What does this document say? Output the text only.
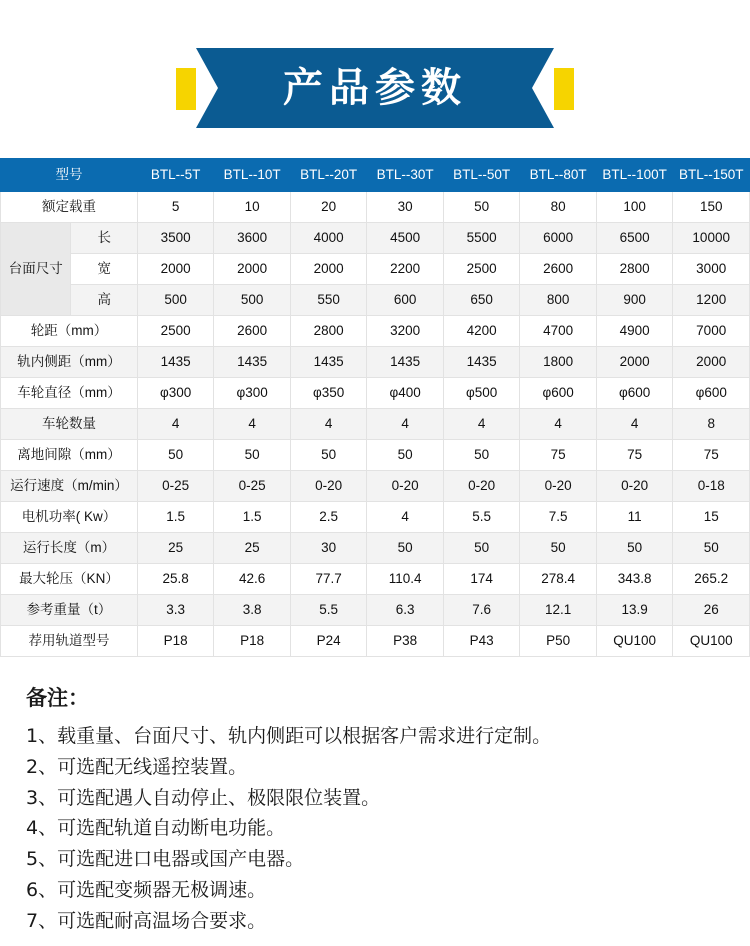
产品参数
型号		BTL--5T	BTL--10T	BTL--20T	BTL--30T	BTL--50T	BTL--80T	BTL--100T	BTL--150T
额定载重		5	10	20	30	50	80	100	150
台面尺寸	长	3500	3600	4000	4500	5500	6000	6500	10000
	宽	2000	2000	2000	2200	2500	2600	2800	3000
	高	500	500	550	600	650	800	900	1200
轮距（mm）		2500	2600	2800	3200	4200	4700	4900	7000
轨内侧距（mm）		1435	1435	1435	1435	1435	1800	2000	2000
车轮直径（mm）		φ300	φ300	φ350	φ400	φ500	φ600	φ600	φ600
车轮数量		4	4	4	4	4	4	4	8
离地间隙（mm）		50	50	50	50	50	75	75	75
运行速度（m/min）		0-25	0-25	0-20	0-20	0-20	0-20	0-20	0-18
电机功率( Kw）		1.5	1.5	2.5	4	5.5	7.5	11	15
运行长度（m）		25	25	30	50	50	50	50	50
最大轮压（KN）		25.8	42.6	77.7	110.4	174	278.4	343.8	265.2
参考重量（t）		3.3	3.8	5.5	6.3	7.6	12.1	13.9	26
荐用轨道型号		P18	P18	P24	P38	P43	P50	QU100	QU100
备注：
1、载重量、台面尺寸、轨内侧距可以根据客户需求进行定制。
2、可选配无线遥控装置。
3、可选配遇人自动停止、极限限位装置。
4、可选配轨道自动断电功能。
5、可选配进口电器或国产电器。
6、可选配变频器无极调速。
7、可选配耐高温场合要求。
